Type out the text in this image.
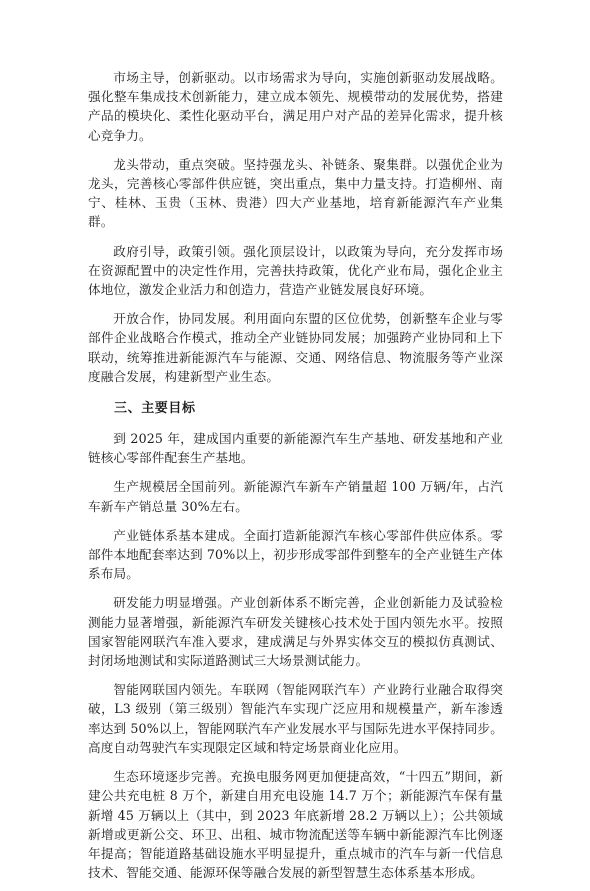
市场主导，创新驱动。以市场需求为导向，实施创新驱动发展战略。强化整车集成技术创新能力，建立成本领先、规模带动的发展优势，搭建产品的模块化、柔性化驱动平台，满足用户对产品的差异化需求，提升核心竞争力。

龙头带动，重点突破。坚持强龙头、补链条、聚集群。以强优企业为龙头，完善核心零部件供应链，突出重点，集中力量支持。打造柳州、南宁、桂林、玉贵（玉林、贵港）四大产业基地，培育新能源汽车产业集群。

政府引导，政策引领。强化顶层设计，以政策为导向，充分发挥市场在资源配置中的决定性作用，完善扶持政策，优化产业布局，强化企业主体地位，激发企业活力和创造力，营造产业链发展良好环境。

开放合作，协同发展。利用面向东盟的区位优势，创新整车企业与零部件企业战略合作模式，推动全产业链协同发展；加强跨产业协同和上下联动，统筹推进新能源汽车与能源、交通、网络信息、物流服务等产业深度融合发展，构建新型产业生态。

三、主要目标

到 2025 年，建成国内重要的新能源汽车生产基地、研发基地和产业链核心零部件配套生产基地。

生产规模居全国前列。新能源汽车新车产销量超 100 万辆/年，占汽车新车产销总量 30%左右。

产业链体系基本建成。全面打造新能源汽车核心零部件供应体系。零部件本地配套率达到 70%以上，初步形成零部件到整车的全产业链生产体系布局。

研发能力明显增强。产业创新体系不断完善，企业创新能力及试验检测能力显著增强，新能源汽车研发关键核心技术处于国内领先水平。按照国家智能网联汽车准入要求，建成满足与外界实体交互的模拟仿真测试、封闭场地测试和实际道路测试三大场景测试能力。

智能网联国内领先。车联网（智能网联汽车）产业跨行业融合取得突破，L3 级别（第三级别）智能汽车实现广泛应用和规模量产，新车渗透率达到 50%以上，智能网联汽车产业发展水平与国际先进水平保持同步。高度自动驾驶汽车实现限定区域和特定场景商业化应用。

生态环境逐步完善。充换电服务网更加便捷高效，“十四五”期间，新建公共充电桩 8 万个，新建自用充电设施 14.7 万个；新能源汽车保有量新增 45 万辆以上（其中，到 2023 年底新增 28.2 万辆以上）；公共领域新增或更新公交、环卫、出租、城市物流配送等车辆中新能源汽车比例逐年提高；智能道路基础设施水平明显提升，重点城市的汽车与新一代信息技术、智能交通、能源环保等融合发展的新型智慧生态体系基本形成。
